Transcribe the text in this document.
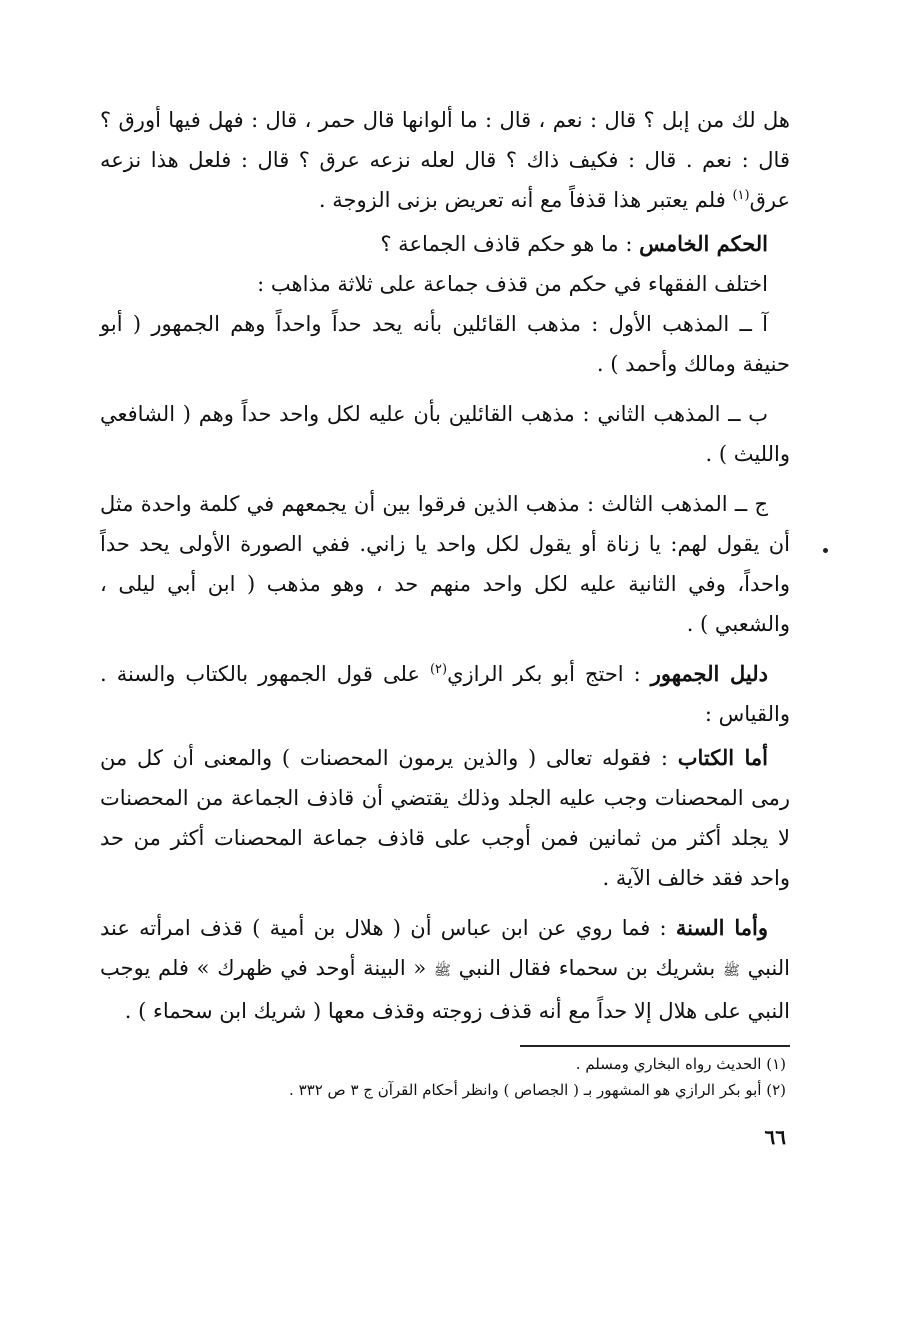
هل لك من إبل ؟ قال : نعم ، قال : ما ألوانها قال حمر ، قال : فهل فيها أورق ؟ قال : نعم . قال : فكيف ذاك ؟ قال لعله نزعه عرق ؟ قال : فلعل هذا نزعه عرق$^{(١)}$ فلم يعتبر هذا قذفاً مع أنه تعريض بزنى الزوجة .

الحكم الخامس : ما هو حكم قاذف الجماعة ؟

اختلف الفقهاء في حكم من قذف جماعة على ثلاثة مذاهب :

آ ــ المذهب الأول : مذهب القائلين بأنه يحد حداً واحداً وهم الجمهور ( أبو حنيفة ومالك وأحمد ) .

ب ــ المذهب الثاني : مذهب القائلين بأن عليه لكل واحد حداً وهم ( الشافعي والليث ) .

ج ــ المذهب الثالث : مذهب الذين فرقوا بين أن يجمعهم في كلمة واحدة مثل أن يقول لهم: يا زناة أو يقول لكل واحد يا زاني. ففي الصورة الأولى يحد حداً واحداً، وفي الثانية عليه لكل واحد منهم حد ، وهو مذهب ( ابن أبي ليلى ، والشعبي ) .

دليل الجمهور : احتج أبو بكر الرازي$^{(٢)}$ على قول الجمهور بالكتاب والسنة . والقياس :

أما الكتاب : فقوله تعالى ( والذين يرمون المحصنات ) والمعنى أن كل من رمى المحصنات وجب عليه الجلد وذلك يقتضي أن قاذف الجماعة من المحصنات لا يجلد أكثر من ثمانين فمن أوجب على قاذف جماعة المحصنات أكثر من حد واحد فقد خالف الآية .

وأما السنة : فما روي عن ابن عباس أن ( هلال بن أمية ) قذف امرأته عند النبي ﷺ بشريك بن سحماء فقال النبي ﷺ « البينة أوحد في ظهرك » فلم يوجب النبي على هلال إلا حداً مع أنه قذف زوجته وقذف معها ( شريك ابن سحماء ) .

(١) الحديث رواه البخاري ومسلم .

(٢) أبو بكر الرازي هو المشهور بـ ( الجصاص ) وانظر أحكام القرآن ج ٣ ص ٣٣٢ .

٦٦
